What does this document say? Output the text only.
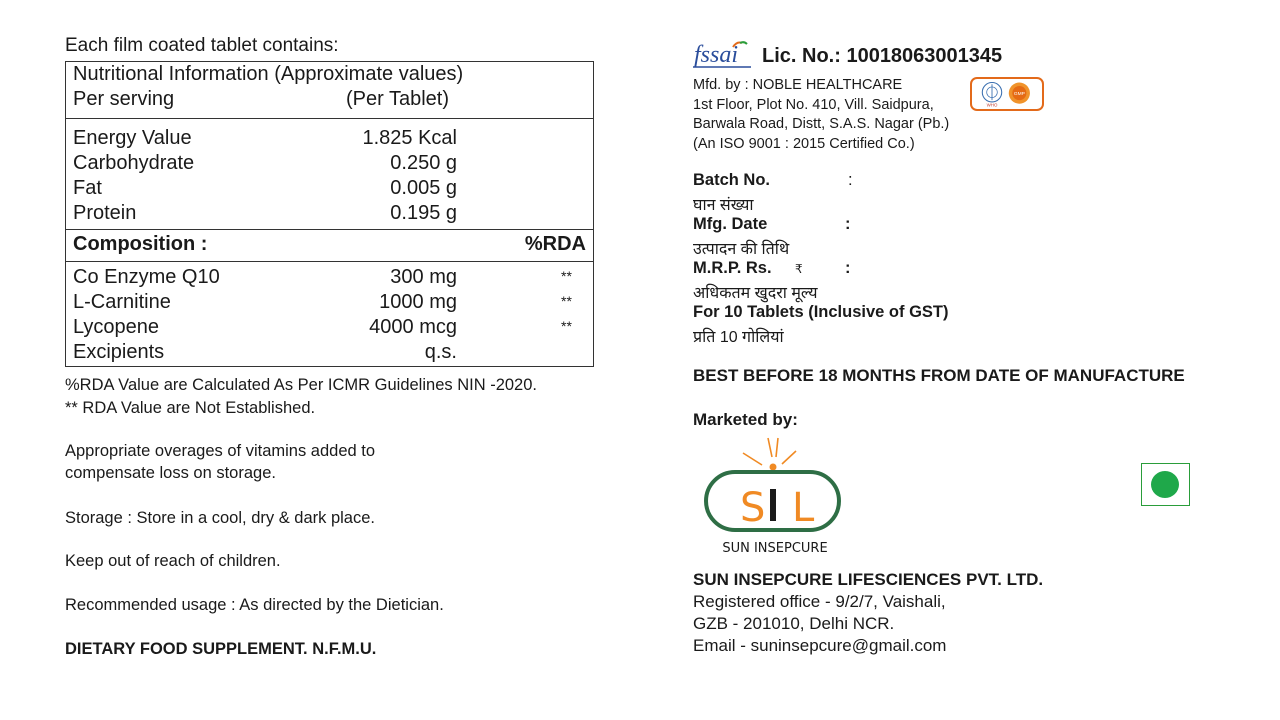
Each film coated tablet contains:
Nutritional Information (Approximate values)
Per serving	(Per Tablet)
Energy Value	1.825 Kcal
Carbohydrate	0.250 g
Fat	0.005 g
Protein	0.195 g
Composition :	%RDA
Co Enzyme Q10	300 mg	**
L-Carnitine	1000 mg	**
Lycopene	4000 mcg	**
Excipients	q.s.
%RDA Value are Calculated As Per ICMR Guidelines NIN -2020.
** RDA Value are Not Established.
Appropriate overages of vitamins added to
compensate loss on storage.
Storage : Store in a cool, dry & dark place.
Keep out of reach of children.
Recommended usage : As directed by the Dietician.
DIETARY FOOD SUPPLEMENT. N.F.M.U.
fssai Lic. No.: 10018063001345
Mfd. by : NOBLE HEALTHCARE
1st Floor, Plot No. 410, Vill. Saidpura,
Barwala Road, Distt, S.A.S. Nagar (Pb.)
(An ISO 9001 : 2015 Certified Co.)
WHO
GMP
Batch No.	:
घान संख्या
Mfg. Date	:
उत्पादन की तिथि
M.R.P. Rs. ₹	:
अधिकतम खुदरा मूल्य
For 10 Tablets (Inclusive of GST)
प्रति 10 गोलियां
BEST BEFORE 18 MONTHS FROM DATE OF MANUFACTURE
Marketed by:
S L
SUN INSEPCURE
SUN INSEPCURE LIFESCIENCES PVT. LTD.
Registered office - 9/2/7, Vaishali,
GZB - 201010, Delhi NCR.
Email - suninsepcure@gmail.com
